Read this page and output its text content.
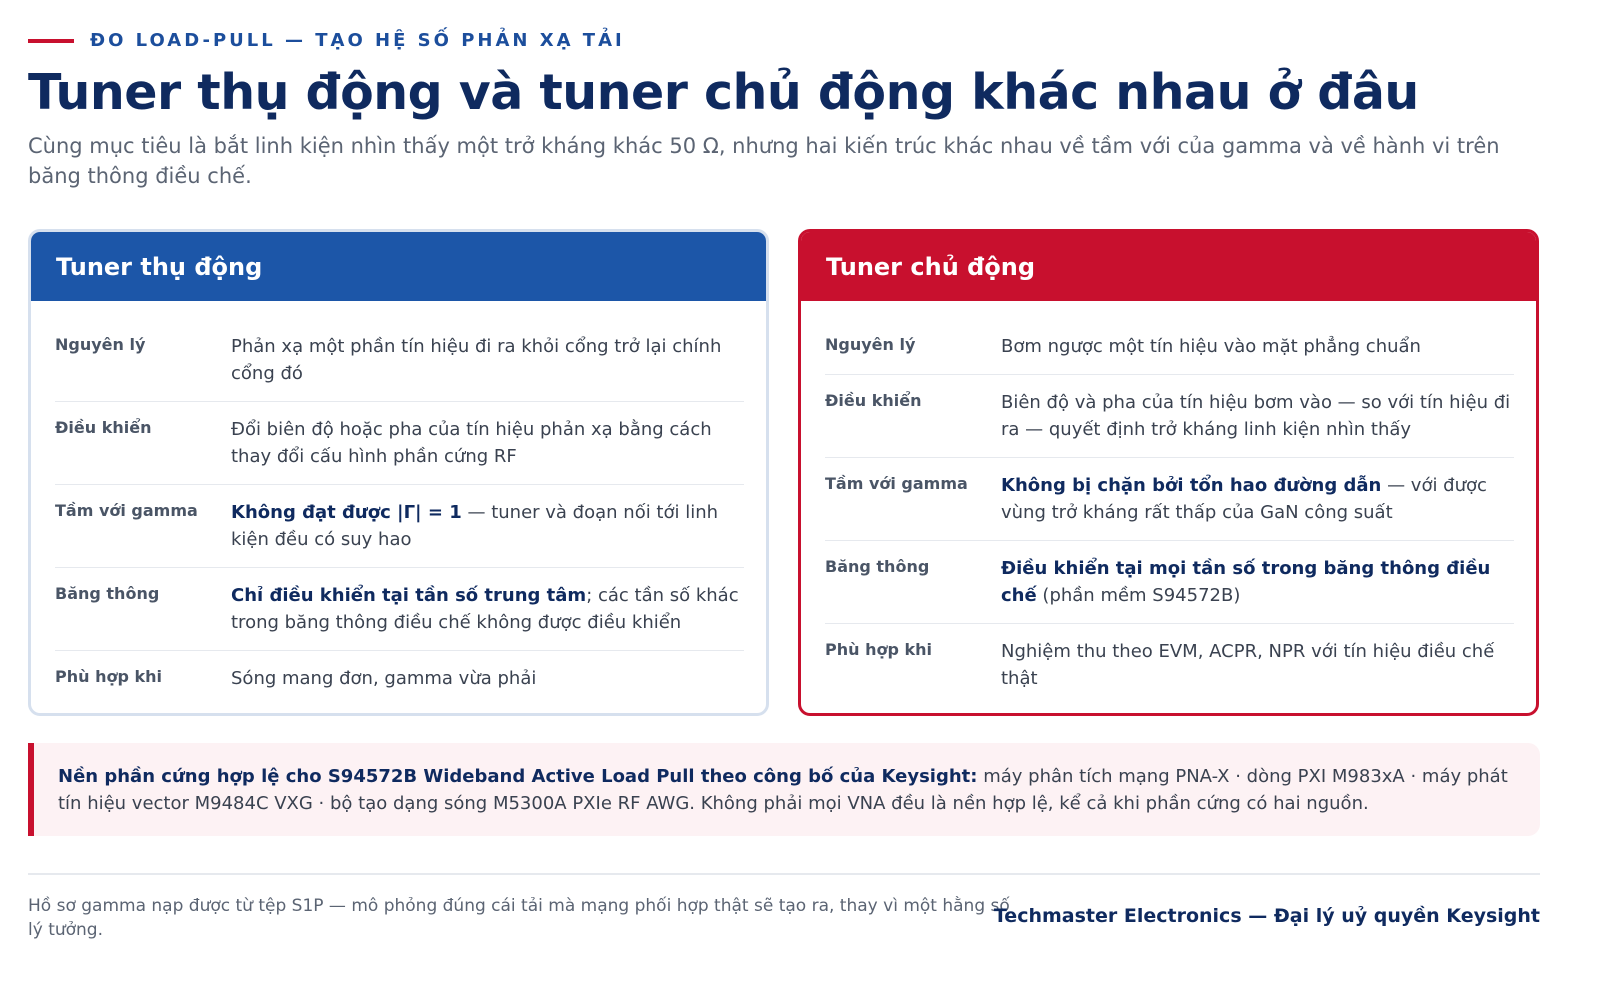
ĐO LOAD-PULL — TẠO HỆ SỐ PHẢN XẠ TẢI
Tuner thụ động và tuner chủ động khác nhau ở đâu

Cùng mục tiêu là bắt linh kiện nhìn thấy một trở kháng khác 50 Ω, nhưng hai kiến trúc khác nhau về tầm với của gamma và về hành vi trên băng thông điều chế.

Tuner thụ động
Nguyên lý	Phản xạ một phần tín hiệu đi ra khỏi cổng trở lại chính cổng đó
Điều khiển	Đổi biên độ hoặc pha của tín hiệu phản xạ bằng cách thay đổi cấu hình phần cứng RF
Tầm với gamma	Không đạt được |Γ| = 1 — tuner và đoạn nối tới linh kiện đều có suy hao
Băng thông	Chỉ điều khiển tại tần số trung tâm; các tần số khác trong băng thông điều chế không được điều khiển
Phù hợp khi	Sóng mang đơn, gamma vừa phải
Tuner chủ động
Nguyên lý	Bơm ngược một tín hiệu vào mặt phẳng chuẩn
Điều khiển	Biên độ và pha của tín hiệu bơm vào — so với tín hiệu đi ra — quyết định trở kháng linh kiện nhìn thấy
Tầm với gamma	Không bị chặn bởi tổn hao đường dẫn — với được vùng trở kháng rất thấp của GaN công suất
Băng thông	Điều khiển tại mọi tần số trong băng thông điều chế (phần mềm S94572B)
Phù hợp khi	Nghiệm thu theo EVM, ACPR, NPR với tín hiệu điều chế thật
Nền phần cứng hợp lệ cho S94572B Wideband Active Load Pull theo công bố của Keysight: máy phân tích mạng PNA-X · dòng PXI M983xA · máy phát tín hiệu vector M9484C VXG · bộ tạo dạng sóng M5300A PXIe RF AWG. Không phải mọi VNA đều là nền hợp lệ, kể cả khi phần cứng có hai nguồn.

Hồ sơ gamma nạp được từ tệp S1P — mô phỏng đúng cái tải mà mạng phối hợp thật sẽ tạo ra, thay vì một hằng số lý tưởng.

Techmaster Electronics — Đại lý uỷ quyền Keysight
